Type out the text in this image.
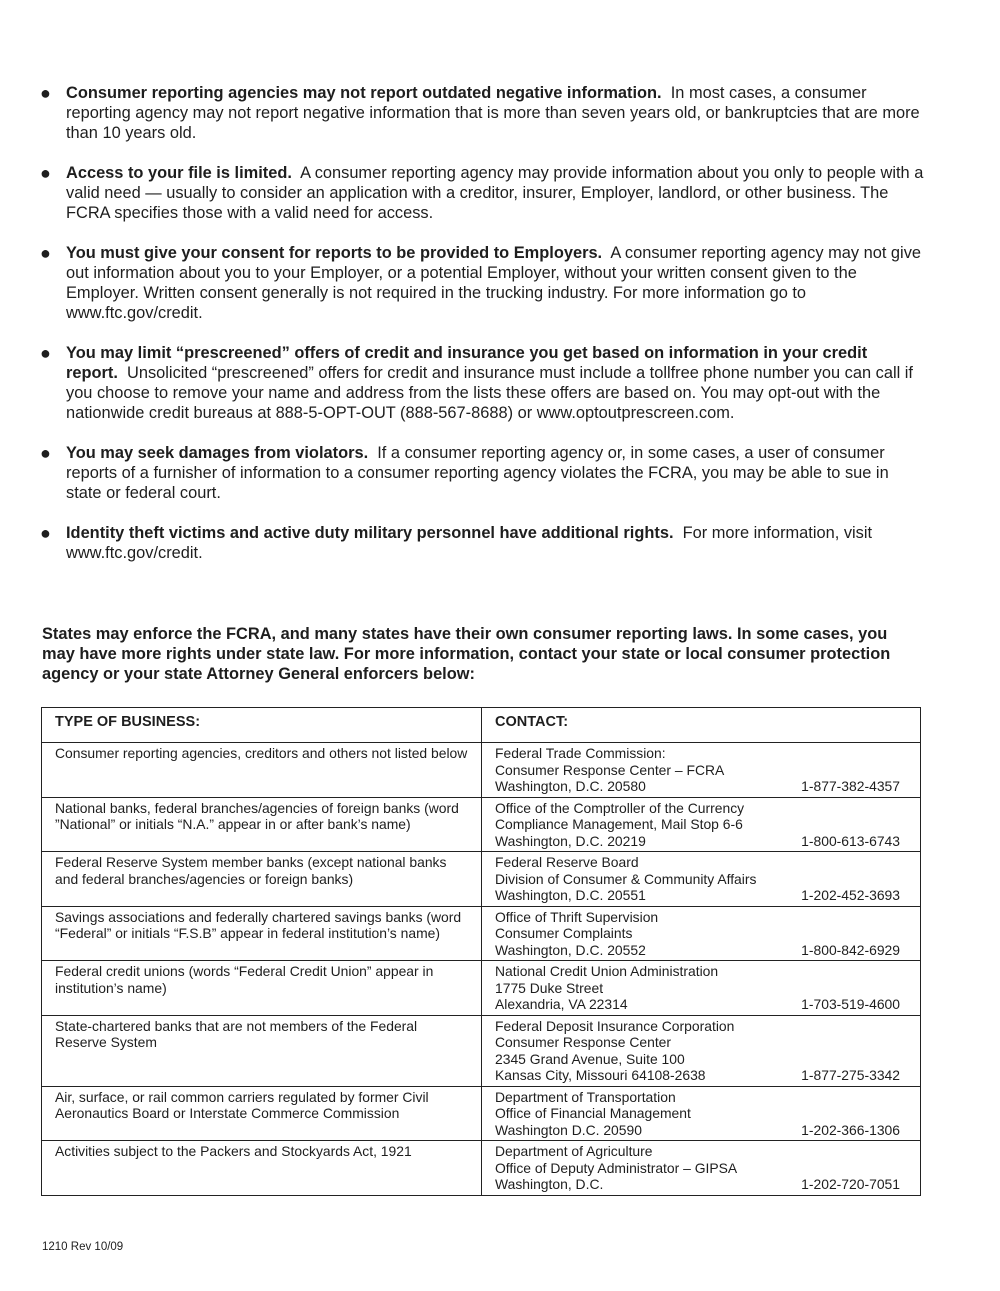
● Consumer reporting agencies may not report outdated negative information. In most cases, a consumer reporting agency may not report negative information that is more than seven years old, or bankruptcies that are more than 10 years old.
● Access to your file is limited. A consumer reporting agency may provide information about you only to people with a valid need — usually to consider an application with a creditor, insurer, Employer, landlord, or other business. The FCRA specifies those with a valid need for access.
● You must give your consent for reports to be provided to Employers. A consumer reporting agency may not give out information about you to your Employer, or a potential Employer, without your written consent given to the Employer. Written consent generally is not required in the trucking industry. For more information go to www.ftc.gov/credit.
● You may limit “prescreened” offers of credit and insurance you get based on information in your credit report. Unsolicited “prescreened” offers for credit and insurance must include a tollfree phone number you can call if you choose to remove your name and address from the lists these offers are based on. You may opt-out with the nationwide credit bureaus at 888-5-OPT-OUT (888-567-8688) or www.optoutprescreen.com.
● You may seek damages from violators. If a consumer reporting agency or, in some cases, a user of consumer reports of a furnisher of information to a consumer reporting agency violates the FCRA, you may be able to sue in state or federal court.
● Identity theft victims and active duty military personnel have additional rights. For more information, visit www.ftc.gov/credit.
States may enforce the FCRA, and many states have their own consumer reporting laws. In some cases, you may have more rights under state law. For more information, contact your state or local consumer protection agency or your state Attorney General enforcers below:
TYPE OF BUSINESS:	CONTACT:
Consumer reporting agencies, creditors and others not listed below	Federal Trade Commission:
Consumer Response Center – FCRA
Washington, D.C. 20580 1-877-382-4357

National banks, federal branches/agencies of foreign banks (word ”National” or initials “N.A.” appear in or after bank’s name)	Office of the Comptroller of the Currency
Compliance Management, Mail Stop 6-6
Washington, D.C. 20219 1-800-613-6743

Federal Reserve System member banks (except national banks and federal branches/agencies or foreign banks)	Federal Reserve Board
Division of Consumer & Community Affairs
Washington, D.C. 20551 1-202-452-3693

Savings associations and federally chartered savings banks (word “Federal” or initials “F.S.B” appear in federal institution’s name)	Office of Thrift Supervision
Consumer Complaints
Washington, D.C. 20552 1-800-842-6929

Federal credit unions (words “Federal Credit Union” appear in institution’s name)	National Credit Union Administration
1775 Duke Street
Alexandria, VA 22314 1-703-519-4600

State-chartered banks that are not members of the Federal Reserve System	Federal Deposit Insurance Corporation
Consumer Response Center
2345 Grand Avenue, Suite 100
Kansas City, Missouri 64108-2638 1-877-275-3342

Air, surface, or rail common carriers regulated by former Civil Aeronautics Board or Interstate Commerce Commission	Department of Transportation
Office of Financial Management
Washington D.C. 20590 1-202-366-1306

Activities subject to the Packers and Stockyards Act, 1921	Department of Agriculture
Office of Deputy Administrator – GIPSA
Washington, D.C. 1-202-720-7051
1210 Rev 10/09
